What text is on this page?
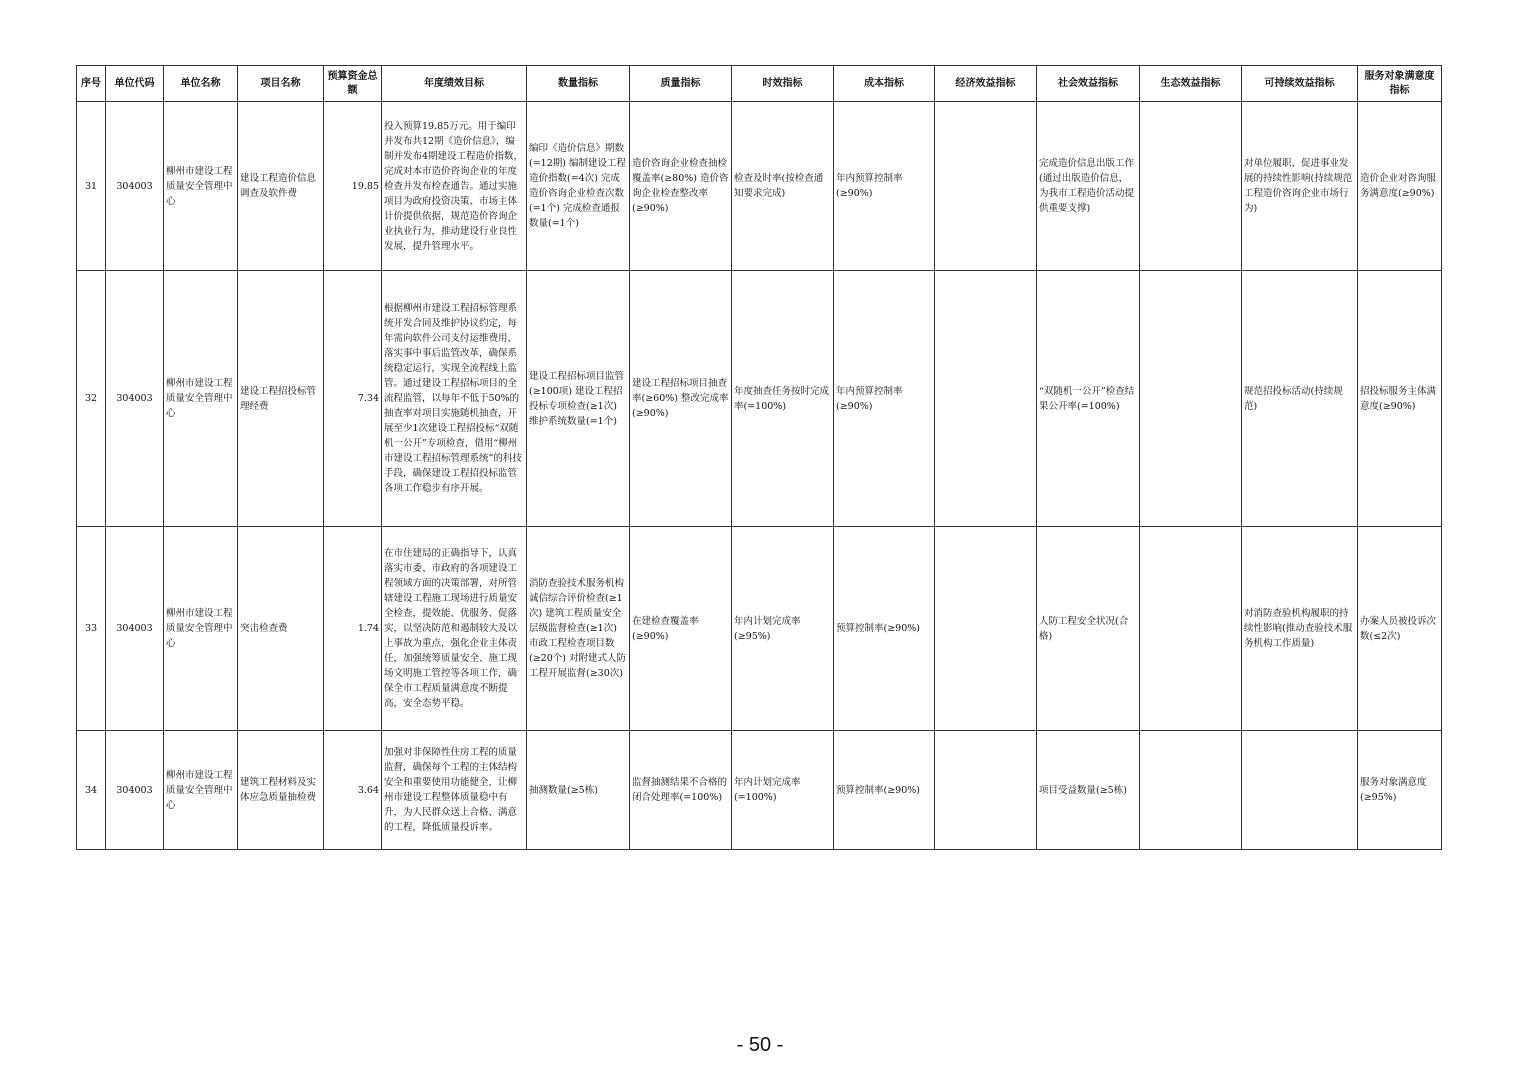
序号	单位代码	单位名称	项目名称	预算资金总额	年度绩效目标	数量指标	质量指标	时效指标	成本指标	经济效益指标	社会效益指标	生态效益指标	可持续效益指标	服务对象满意度指标
31	304003	柳州市建设工程质量安全管理中心	建设工程造价信息调查及软件费	19.85	投入预算19.85万元。用于编印并发布共12期《造价信息》，编制并发布4期建设工程造价指数，完成对本市造价咨询企业的年度检查并发布检查通告。通过实施项目为政府投资决策、市场主体计价提供依据，规范造价咨询企业执业行为，推动建设行业良性发展，提升管理水平。	编印《造价信息》期数(=12期) 编制建设工程造价指数(=4次) 完成造价咨询企业检查次数(=1个) 完成检查通报数量(=1个)	造价咨询企业检查抽检覆盖率(≥80%) 造价咨询企业检查整改率(≥90%)	检查及时率(按检查通知要求完成)	年内预算控制率(≥90%)		完成造价信息出版工作(通过出版造价信息，为我市工程造价活动提供重要支撑)		对单位履职、促进事业发展的持续性影响(持续规范工程造价咨询企业市场行为)	造价企业对咨询服务满意度(≥90%)
32	304003	柳州市建设工程质量安全管理中心	建设工程招投标管理经费	7.34	根据柳州市建设工程招标管理系统开发合同及维护协议约定，每年需向软件公司支付运维费用，落实事中事后监管改革，确保系统稳定运行，实现全流程线上监管。通过建设工程招标项目的全流程监管，以每年不低于50%的抽查率对项目实施随机抽查，开展至少1次建设工程招投标“双随机一公开”专项检查，借用“柳州市建设工程招标管理系统”的科技手段，确保建设工程招投标监管各项工作稳步有序开展。	建设工程招标项目监管(≥100项) 建设工程招投标专项检查(≥1次) 维护系统数量(=1个)	建设工程招标项目抽查率(≥60%) 整改完成率(≥90%)	年度抽查任务按时完成率(=100%)	年内预算控制率(≥90%)		“双随机一公开”检查结果公开率(=100%)		规范招投标活动(持续规范)	招投标服务主体满意度(≥90%)
33	304003	柳州市建设工程质量安全管理中心	突击检查费	1.74	在市住建局的正确指导下，认真落实市委、市政府的各项建设工程领域方面的决策部署，对所管辖建设工程施工现场进行质量安全检查，提效能、优服务、促落实，以坚决防范和遏制较大及以上事故为重点，强化企业主体责任，加强统筹质量安全、施工现场文明施工管控等各项工作，确保全市工程质量满意度不断提高，安全态势平稳。	消防查验技术服务机构诚信综合评价检查(≥1次) 建筑工程质量安全层级监督检查(≥1次) 市政工程检查项目数(≥20个) 对附建式人防工程开展监督(≥30次)	在建检查覆盖率(≥90%)	年内计划完成率(≥95%)	预算控制率(≥90%)		人防工程安全状况(合格)		对消防查验机构履职的持续性影响(推动查验技术服务机构工作质量)	办案人员被投诉次数(≤2次)
34	304003	柳州市建设工程质量安全管理中心	建筑工程材料及实体应急质量抽检费	3.64	加强对非保障性住房工程的质量监督，确保每个工程的主体结构安全和重要使用功能健全，让柳州市建设工程整体质量稳中有升，为人民群众送上合格、满意的工程，降低质量投诉率。	抽测数量(≥5栋)	监督抽测结果不合格的闭合处理率(=100%)	年内计划完成率(=100%)	预算控制率(≥90%)		项目受益数量(≥5栋)			服务对象满意度(≥95%)
- 50 -
